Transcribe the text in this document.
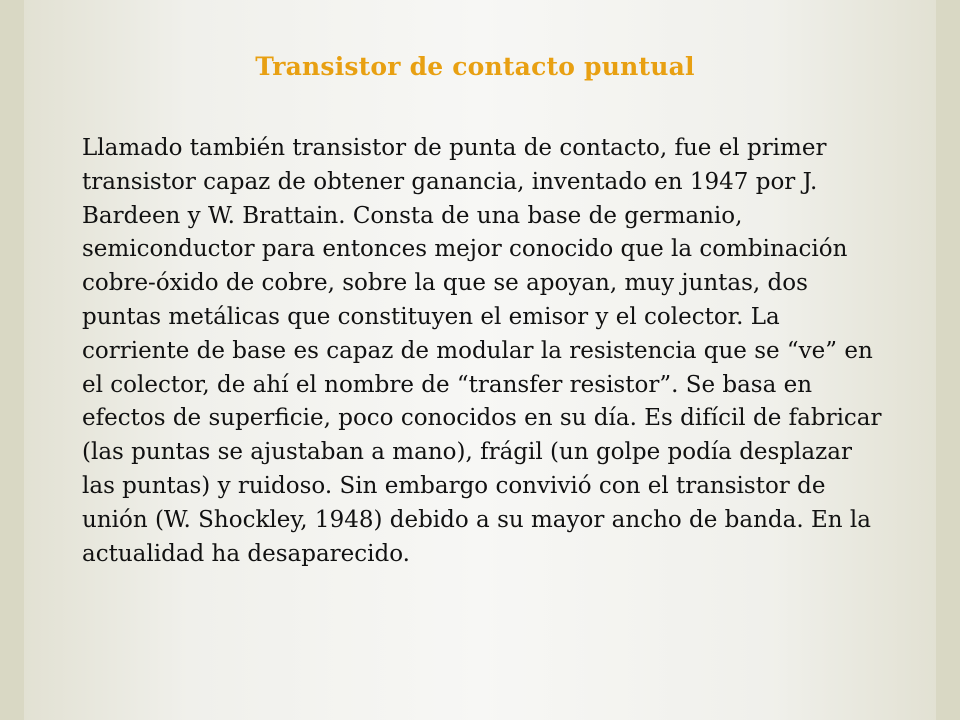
Transistor de contacto puntual

Llamado también transistor de punta de contacto, fue el primer transistor capaz de obtener ganancia, inventado en 1947 por J. Bardeen y W. Brattain. Consta de una base de germanio, semiconductor para entonces mejor conocido que la combinación cobre-óxido de cobre, sobre la que se apoyan, muy juntas, dos puntas metálicas que constituyen el emisor y el colector. La corriente de base es capaz de modular la resistencia que se “ve” en el colector, de ahí el nombre de “transfer resistor”. Se basa en efectos de superficie, poco conocidos en su día. Es difícil de fabricar (las puntas se ajustaban a mano), frágil (un golpe podía desplazar las puntas) y ruidoso. Sin embargo convivió con el transistor de unión (W. Shockley, 1948) debido a su mayor ancho de banda. En la actualidad ha desaparecido.
